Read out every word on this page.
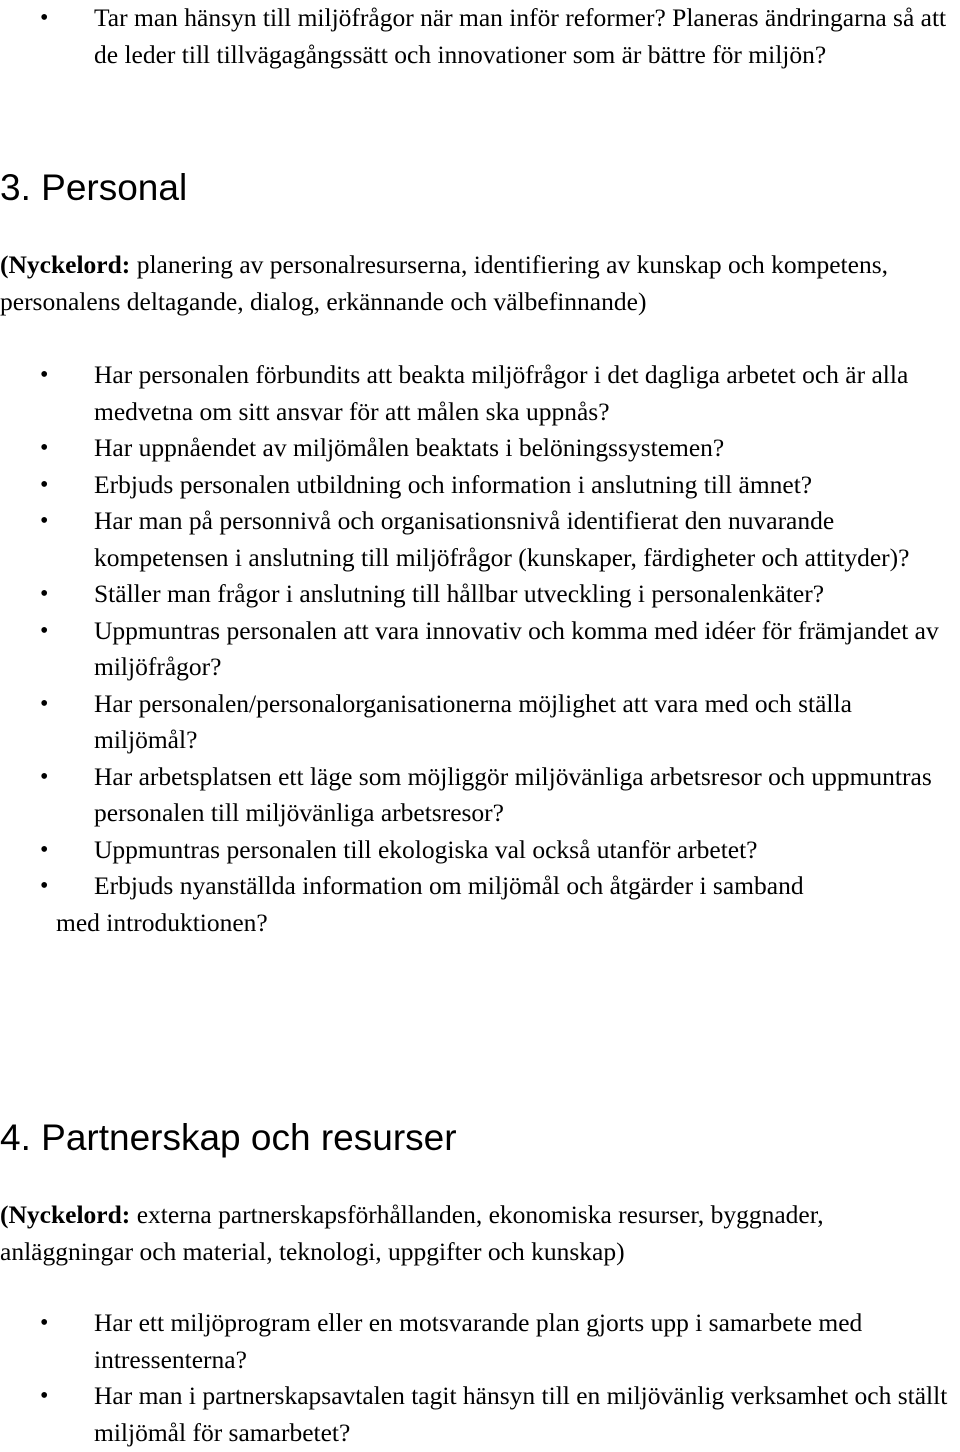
• Tar man hänsyn till miljöfrågor när man inför reformer? Planeras ändringarna så att de leder till tillvägagångssätt och innovationer som är bättre för miljön?
3. Personal

(Nyckelord: planering av personalresurserna, identifiering av kunskap och kompetens, personalens deltagande, dialog, erkännande och välbefinnande)

• Har personalen förbundits att beakta miljöfrågor i det dagliga arbetet och är alla medvetna om sitt ansvar för att målen ska uppnås?
• Har uppnåendet av miljömålen beaktats i belöningssystemen?
• Erbjuds personalen utbildning och information i anslutning till ämnet?
• Har man på personnivå och organisationsnivå identifierat den nuvarande kompetensen i anslutning till miljöfrågor (kunskaper, färdigheter och attityder)?
• Ställer man frågor i anslutning till hållbar utveckling i personalenkäter?
• Uppmuntras personalen att vara innovativ och komma med idéer för främjandet av miljöfrågor?
• Har personalen/personalorganisationerna möjlighet att vara med och ställa miljömål?
• Har arbetsplatsen ett läge som möjliggör miljövänliga arbetsresor och uppmuntras personalen till miljövänliga arbetsresor?
• Uppmuntras personalen till ekologiska val också utanför arbetet?
• Erbjuds nyanställda information om miljömål och åtgärder i samband
med introduktionen?
4. Partnerskap och resurser

(Nyckelord: externa partnerskapsförhållanden, ekonomiska resurser, byggnader, anläggningar och material, teknologi, uppgifter och kunskap)

• Har ett miljöprogram eller en motsvarande plan gjorts upp i samarbete med intressenterna?
• Har man i partnerskapsavtalen tagit hänsyn till en miljövänlig verksamhet och ställt miljömål för samarbetet?
